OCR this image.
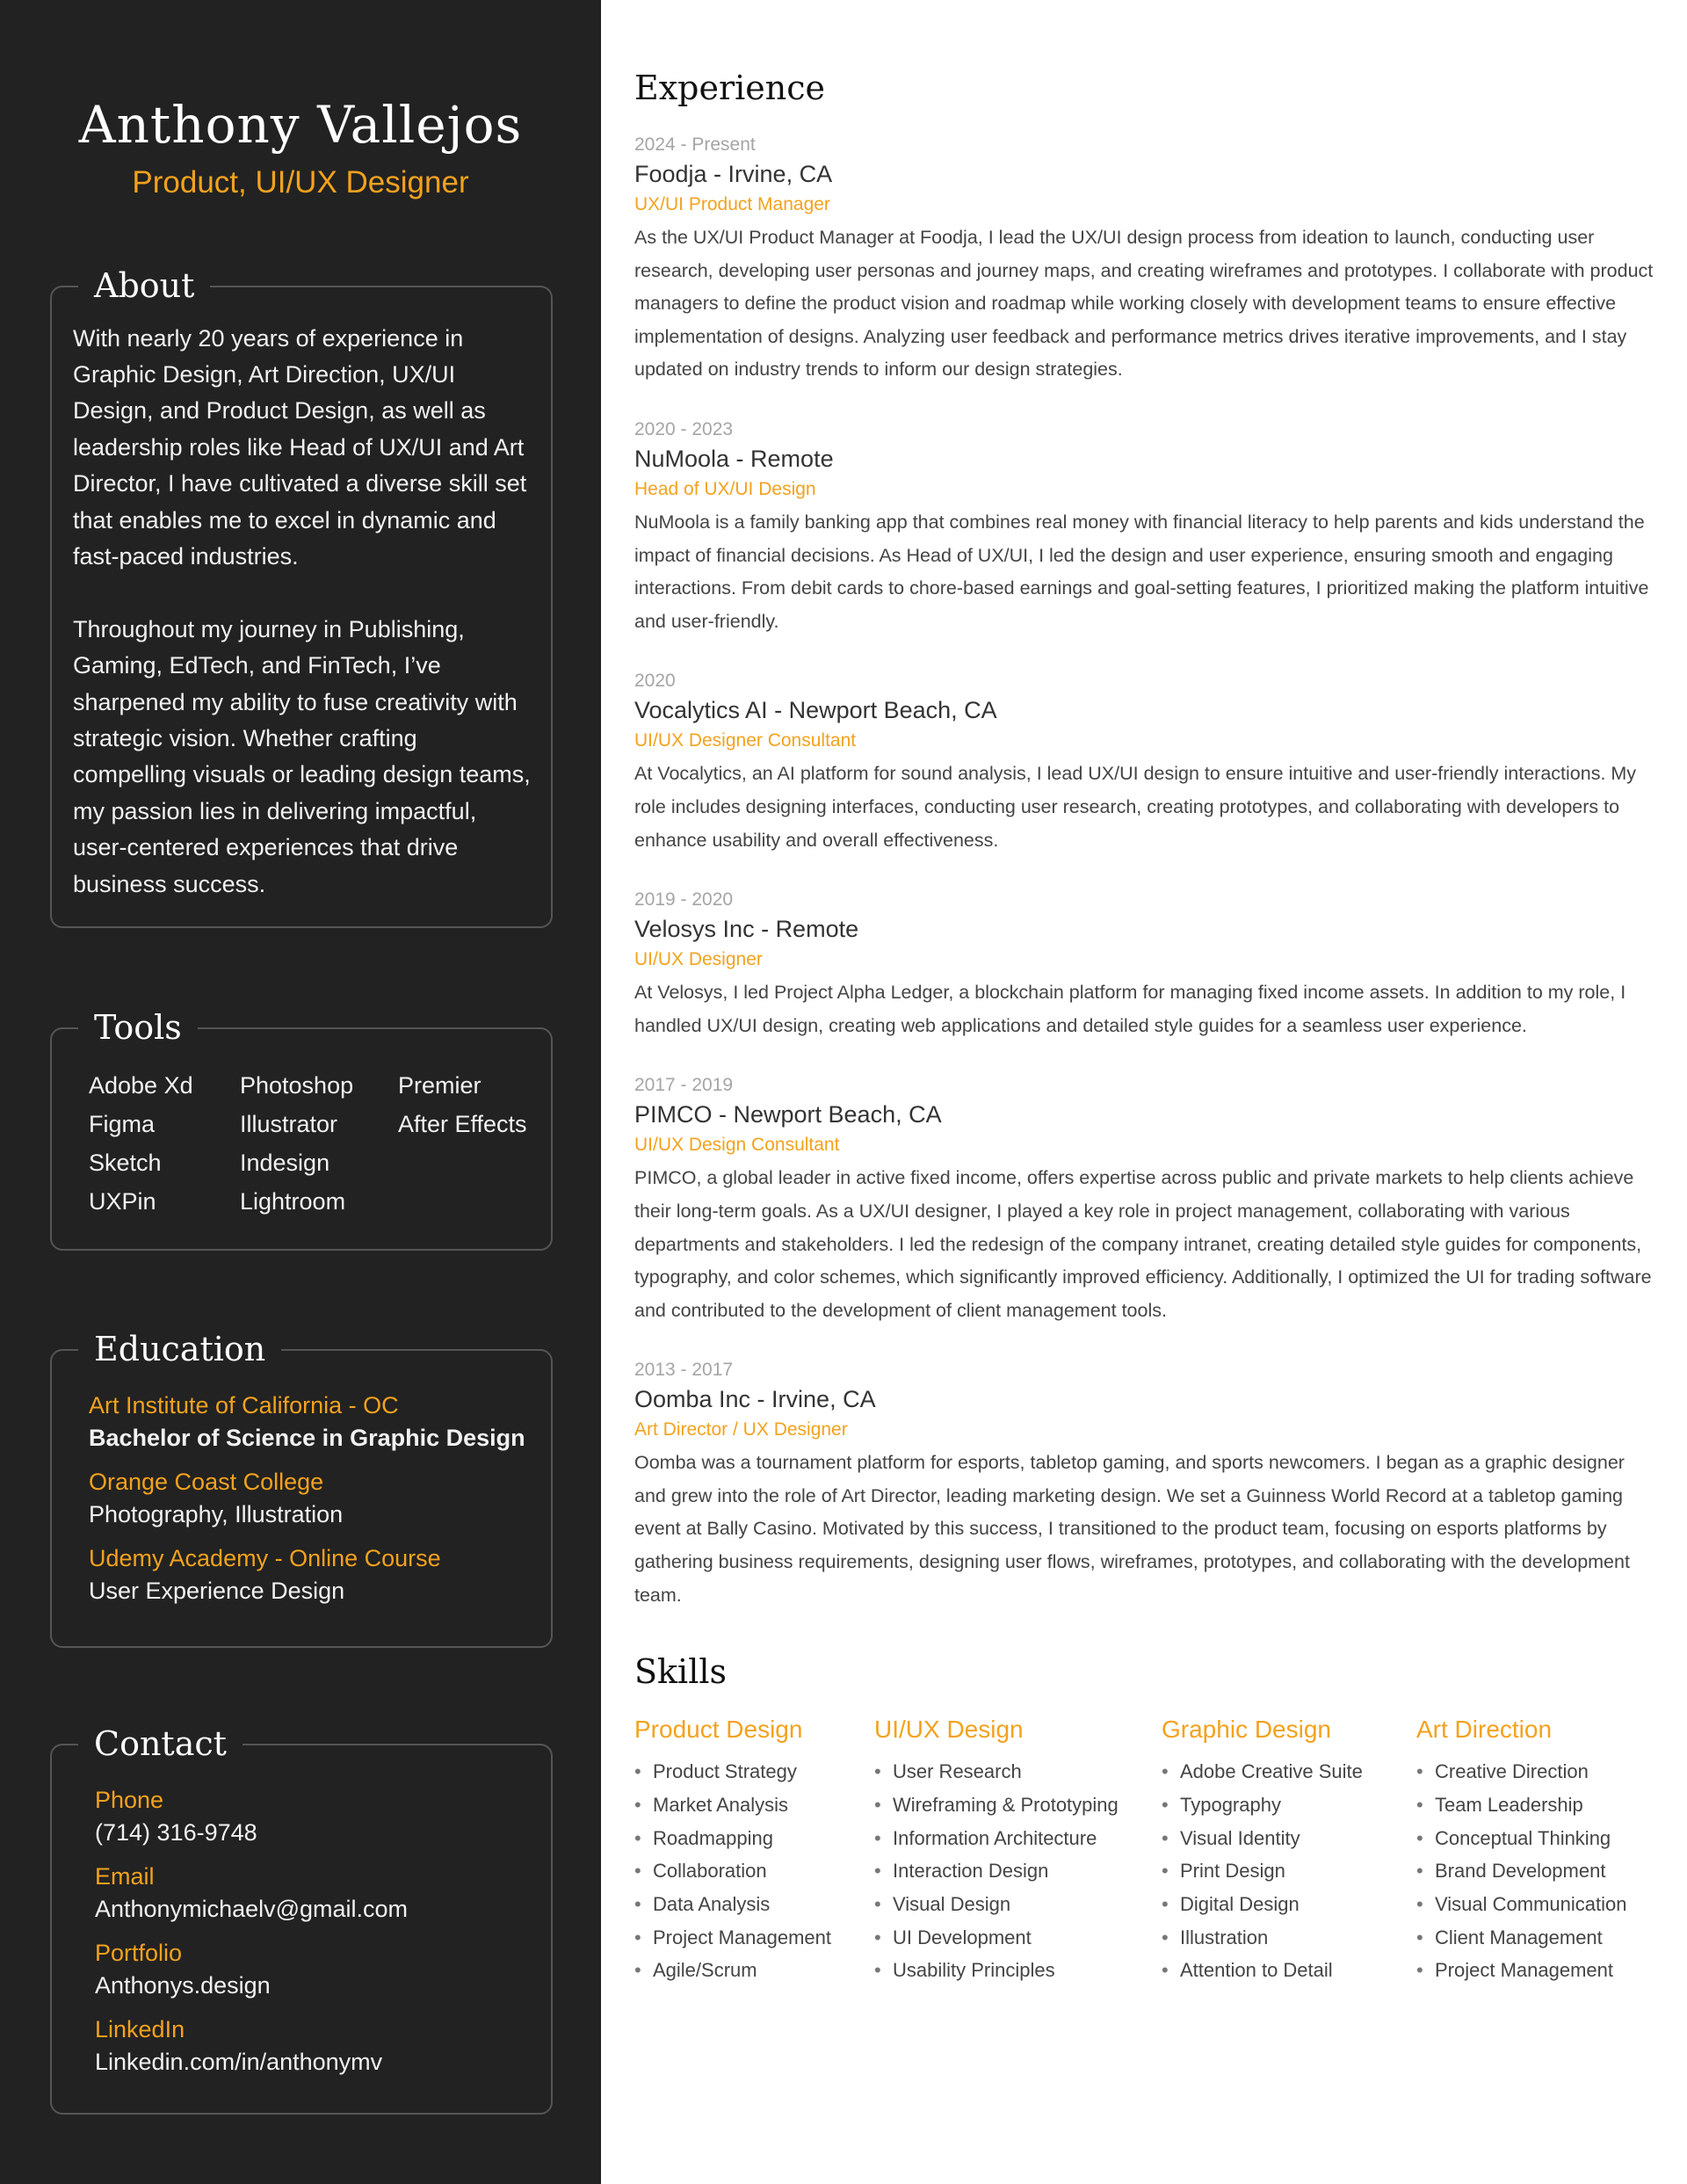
Anthony Vallejos
Product, UI/UX Designer
About

With nearly 20 years of experience in Graphic Design, Art Direction, UX/UI Design, and Product Design, as well as leadership roles like Head of UX/UI and Art Director, I have cultivated a diverse skill set that enables me to excel in dynamic and fast-paced industries.

Throughout my journey in Publishing, Gaming, EdTech, and FinTech, I’ve sharpened my ability to fuse creativity with strategic vision. Whether crafting compelling visuals or leading design teams, my passion lies in delivering impactful, user-centered experiences that drive business success.

Tools
Adobe Xd
Figma
Sketch
UXPin
Photoshop
Illustrator
Indesign
Lightroom
Premier
After Effects
Education
Art Institute of California - OC
Bachelor of Science in Graphic Design
Orange Coast College
Photography, Illustration
Udemy Academy - Online Course
User Experience Design
Contact
Phone
(714) 316-9748
Email
Anthonymichaelv@gmail.com
Portfolio
Anthonys.design
LinkedIn
Linkedin.com/in/anthonymv
Experience
2024 - Present
Foodja - Irvine, CA
UX/UI Product Manager
As the UX/UI Product Manager at Foodja, I lead the UX/UI design process from ideation to launch, conducting user research, developing user personas and journey maps, and creating wireframes and prototypes. I collaborate with product managers to define the product vision and roadmap while working closely with development teams to ensure effective implementation of designs. Analyzing user feedback and performance metrics drives iterative improvements, and I stay updated on industry trends to inform our design strategies.
2020 - 2023
NuMoola - Remote
Head of UX/UI Design
NuMoola is a family banking app that combines real money with financial literacy to help parents and kids understand the impact of financial decisions. As Head of UX/UI, I led the design and user experience, ensuring smooth and engaging interactions. From debit cards to chore-based earnings and goal-setting features, I prioritized making the platform intuitive and user-friendly.
2020
Vocalytics AI - Newport Beach, CA
UI/UX Designer Consultant
At Vocalytics, an AI platform for sound analysis, I lead UX/UI design to ensure intuitive and user-friendly interactions. My role includes designing interfaces, conducting user research, creating prototypes, and collaborating with developers to enhance usability and overall effectiveness.
2019 - 2020
Velosys Inc - Remote
UI/UX Designer
At Velosys, I led Project Alpha Ledger, a blockchain platform for managing fixed income assets. In addition to my role, I handled UX/UI design, creating web applications and detailed style guides for a seamless user experience.
2017 - 2019
PIMCO - Newport Beach, CA
UI/UX Design Consultant
PIMCO, a global leader in active fixed income, offers expertise across public and private markets to help clients achieve their long-term goals. As a UX/UI designer, I played a key role in project management, collaborating with various departments and stakeholders. I led the redesign of the company intranet, creating detailed style guides for components, typography, and color schemes, which significantly improved efficiency. Additionally, I optimized the UI for trading software and contributed to the development of client management tools.
2013 - 2017
Oomba Inc - Irvine, CA
Art Director / UX Designer
Oomba was a tournament platform for esports, tabletop gaming, and sports newcomers. I began as a graphic designer and grew into the role of Art Director, leading marketing design. We set a Guinness World Record at a tabletop gaming event at Bally Casino. Motivated by this success, I transitioned to the product team, focusing on esports platforms by gathering business requirements, designing user flows, wireframes, prototypes, and collaborating with the development team.
Skills
Product Design
• Product Strategy
• Market Analysis
• Roadmapping
• Collaboration
• Data Analysis
• Project Management
• Agile/Scrum
UI/UX Design
• User Research
• Wireframing & Prototyping
• Information Architecture
• Interaction Design
• Visual Design
• UI Development
• Usability Principles
Graphic Design
• Adobe Creative Suite
• Typography
• Visual Identity
• Print Design
• Digital Design
• Illustration
• Attention to Detail
Art Direction
• Creative Direction
• Team Leadership
• Conceptual Thinking
• Brand Development
• Visual Communication
• Client Management
• Project Management
